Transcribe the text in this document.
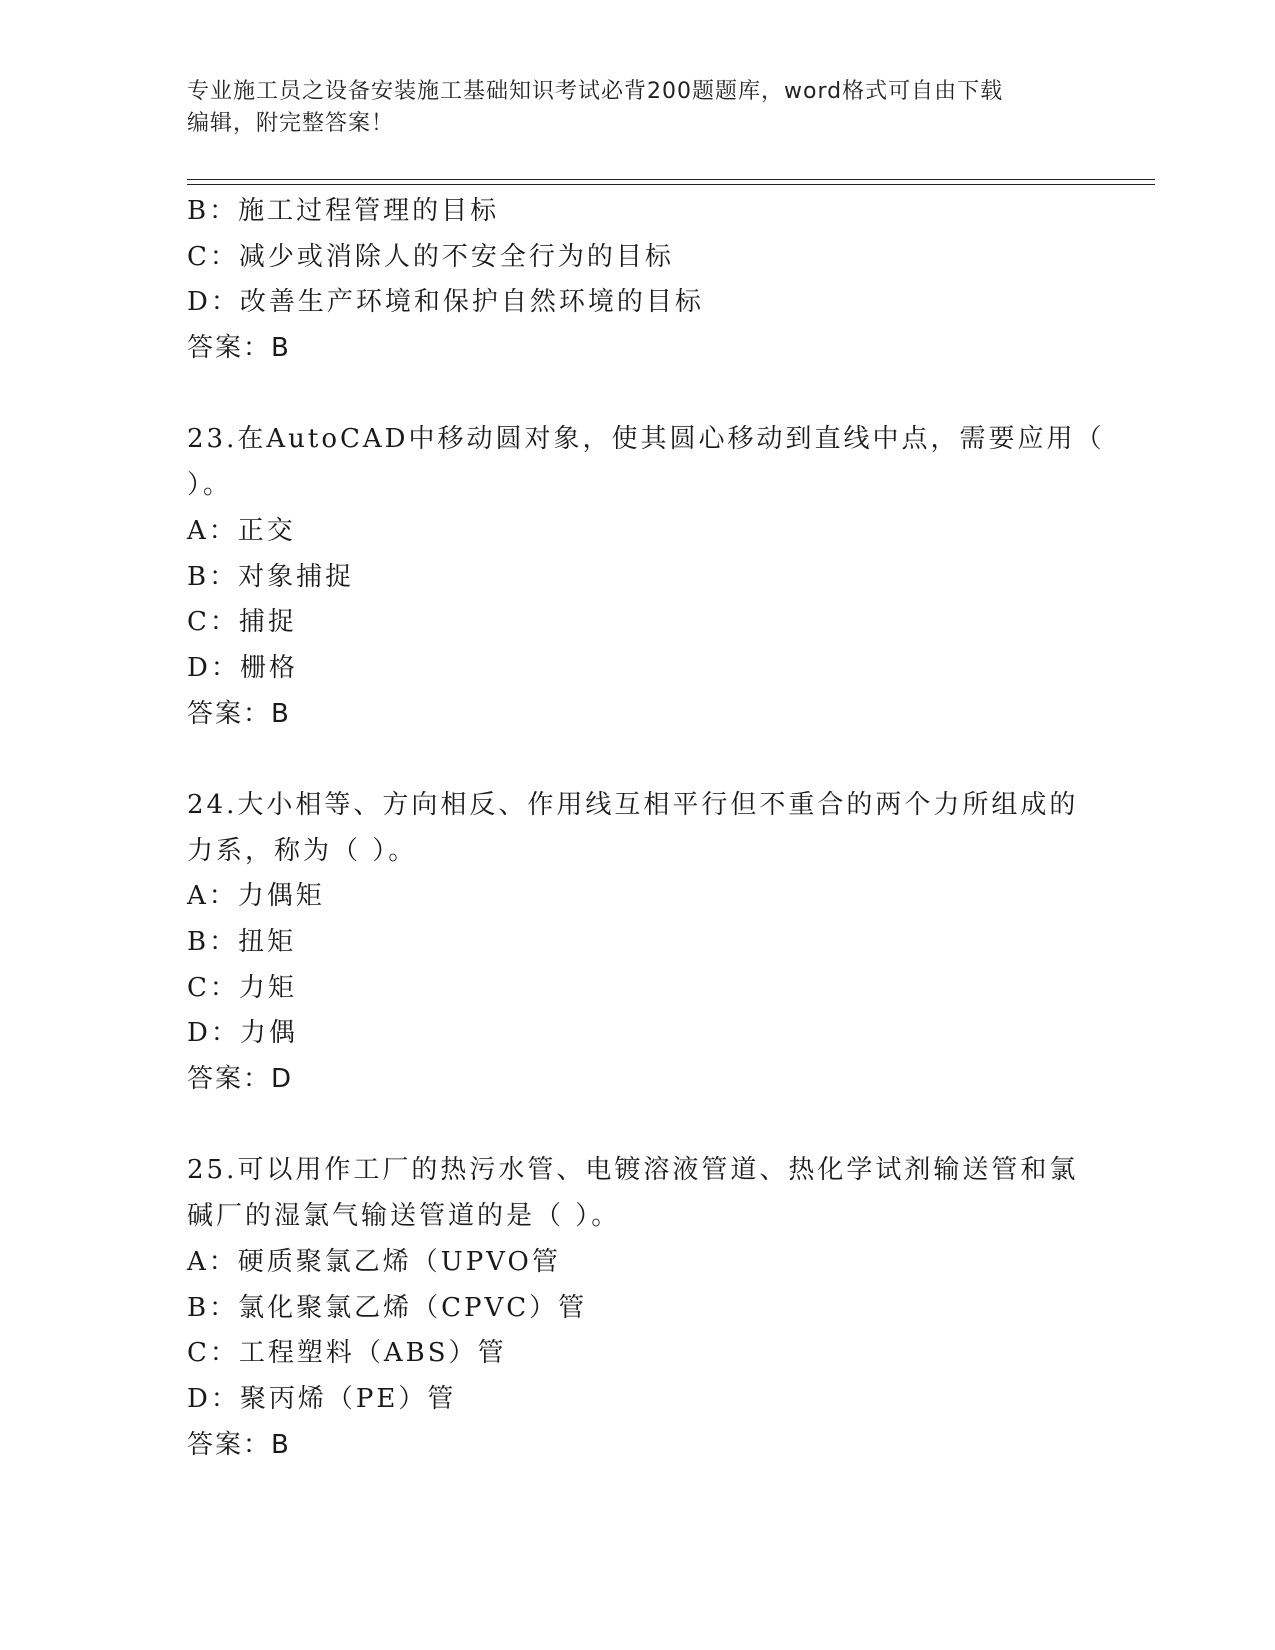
专业施工员之设备安装施工基础知识考试必背200题题库，word格式可自由下载
编辑，附完整答案！
B：施工过程管理的目标
C：减少或消除人的不安全行为的目标
D：改善生产环境和保护自然环境的目标
答案：B
23.在AutoCAD中移动圆对象，使其圆心移动到直线中点，需要应用（
）。
A：正交
B：对象捕捉
C：捕捉
D：栅格
答案：B
24.大小相等、方向相反、作用线互相平行但不重合的两个力所组成的
力系，称为（ ）。
A：力偶矩
B：扭矩
C：力矩
D：力偶
答案：D
25.可以用作工厂的热污水管、电镀溶液管道、热化学试剂输送管和氯
碱厂的湿氯气输送管道的是（ ）。
A：硬质聚氯乙烯（UPVO管
B：氯化聚氯乙烯（CPVC）管
C：工程塑料（ABS）管
D：聚丙烯（PE）管
答案：B
